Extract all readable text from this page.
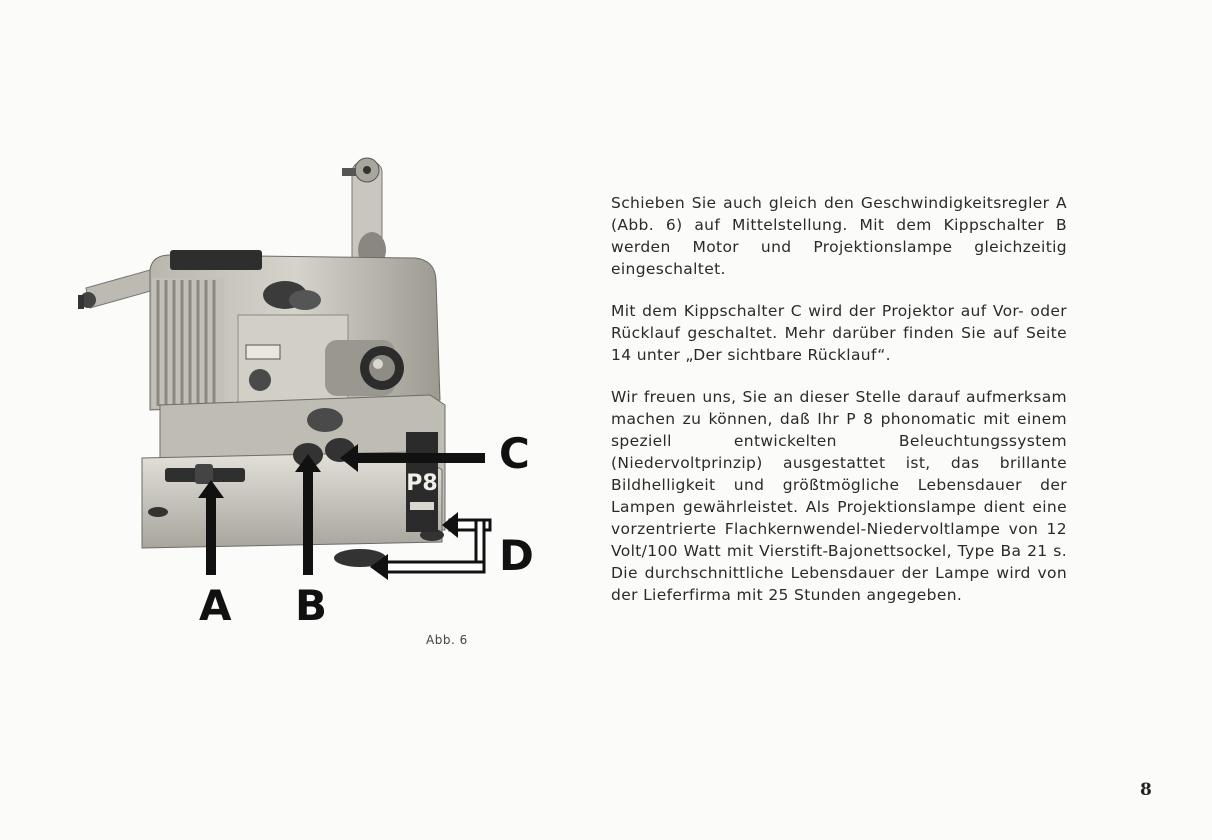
P8
A B
C
D
Abb. 6

Schieben Sie auch gleich den Geschwindigkeitsregler A (Abb. 6) auf Mittelstellung. Mit dem Kippschalter B werden Motor und Projektionslampe gleichzeitig eingeschaltet.

Mit dem Kippschalter C wird der Projektor auf Vor- oder Rücklauf geschaltet. Mehr darüber finden Sie auf Seite 14 unter „Der sichtbare Rücklauf“.

Wir freuen uns, Sie an dieser Stelle darauf aufmerksam machen zu können, daß Ihr P 8 phonomatic mit einem speziell entwickelten Beleuchtungssystem (Niedervoltprinzip) ausgestattet ist, das brillante Bildhelligkeit und größtmögliche Lebensdauer der Lampen gewährleistet. Als Projektionslampe dient eine vorzentrierte Flachkernwendel-Niedervoltlampe von 12 Volt/100 Watt mit Vierstift-Bajonettsockel, Type Ba 21 s. Die durchschnittliche Lebensdauer der Lampe wird von der Lieferfirma mit 25 Stunden angegeben.

8
